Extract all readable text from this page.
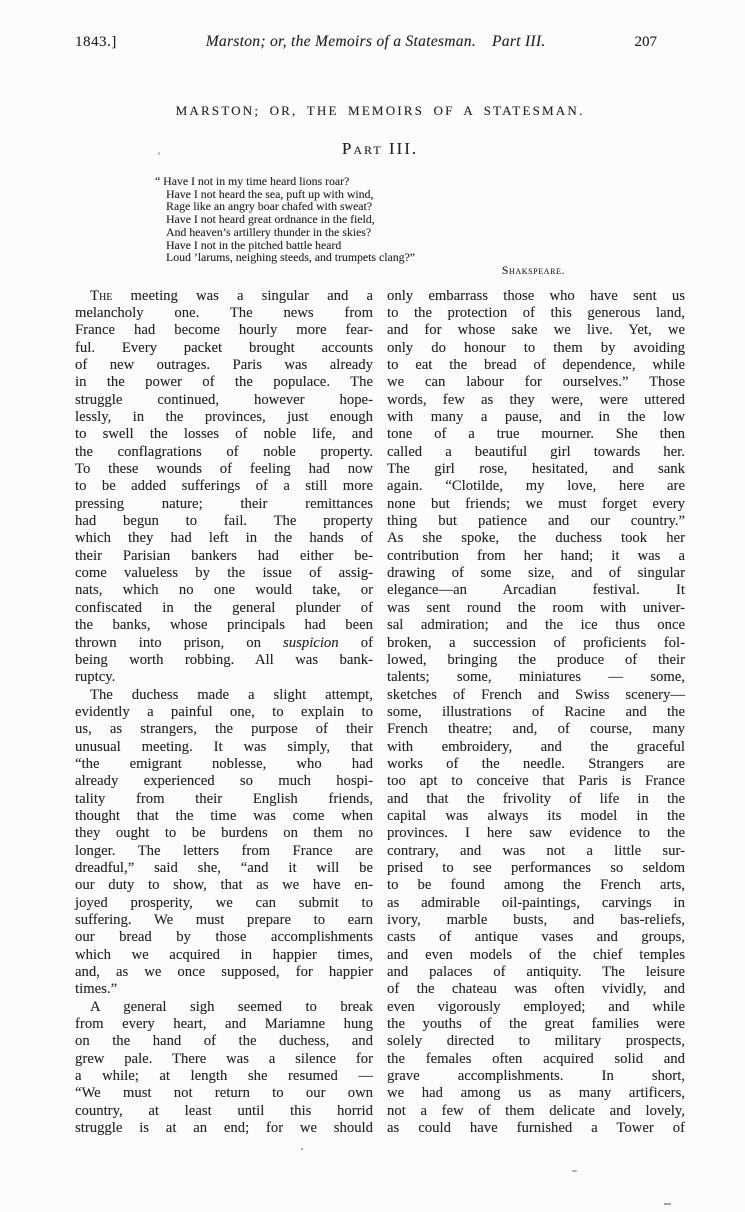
1843.]	Marston; or, the Memoirs of a Statesman. Part III.	207
MARSTON; OR, THE MEMOIRS OF A STATESMAN.
Part III.
“ Have I not in my time heard lions roar?
Have I not heard the sea, puft up with wind,
Rage like an angry boar chafed with sweat?
Have I not heard great ordnance in the field,
And heaven’s artillery thunder in the skies?
Have I not in the pitched battle heard
Loud ’larums, neighing steeds, and trumpets clang?”
Shakspeare.
The meeting was a singular and a
melancholy one. The news from
France had become hourly more fear-
ful. Every packet brought accounts
of new outrages. Paris was already
in the power of the populace. The
struggle continued, however hope-
lessly, in the provinces, just enough
to swell the losses of noble life, and
the conflagrations of noble property.
To these wounds of feeling had now
to be added sufferings of a still more
pressing nature; their remittances
had begun to fail. The property
which they had left in the hands of
their Parisian bankers had either be-
come valueless by the issue of assig-
nats, which no one would take, or
confiscated in the general plunder of
the banks, whose principals had been
thrown into prison, on suspicion of
being worth robbing. All was bank-
ruptcy.
The duchess made a slight attempt,
evidently a painful one, to explain to
us, as strangers, the purpose of their
unusual meeting. It was simply, that
“the emigrant noblesse, who had
already experienced so much hospi-
tality from their English friends,
thought that the time was come when
they ought to be burdens on them no
longer. The letters from France are
dreadful,” said she, “and it will be
our duty to show, that as we have en-
joyed prosperity, we can submit to
suffering. We must prepare to earn
our bread by those accomplishments
which we acquired in happier times,
and, as we once supposed, for happier
times.”
A general sigh seemed to break
from every heart, and Mariamne hung
on the hand of the duchess, and
grew pale. There was a silence for
a while; at length she resumed —
“We must not return to our own
country, at least until this horrid
struggle is at an end; for we should
only embarrass those who have sent us
to the protection of this generous land,
and for whose sake we live. Yet, we
only do honour to them by avoiding
to eat the bread of dependence, while
we can labour for ourselves.” Those
words, few as they were, were uttered
with many a pause, and in the low
tone of a true mourner. She then
called a beautiful girl towards her.
The girl rose, hesitated, and sank
again. “Clotilde, my love, here are
none but friends; we must forget every
thing but patience and our country.”
As she spoke, the duchess took her
contribution from her hand; it was a
drawing of some size, and of singular
elegance—an Arcadian festival. It
was sent round the room with univer-
sal admiration; and the ice thus once
broken, a succession of proficients fol-
lowed, bringing the produce of their
talents; some, miniatures — some,
sketches of French and Swiss scenery—
some, illustrations of Racine and the
French theatre; and, of course, many
with embroidery, and the graceful
works of the needle. Strangers are
too apt to conceive that Paris is France
and that the frivolity of life in the
capital was always its model in the
provinces. I here saw evidence to the
contrary, and was not a little sur-
prised to see performances so seldom
to be found among the French arts,
as admirable oil-paintings, carvings in
ivory, marble busts, and bas-reliefs,
casts of antique vases and groups,
and even models of the chief temples
and palaces of antiquity. The leisure
of the chateau was often vividly, and
even vigorously employed; and while
the youths of the great families were
solely directed to military prospects,
the females often acquired solid and
grave accomplishments. In short,
we had among us as many artificers,
not a few of them delicate and lovely,
as could have furnished a Tower of
